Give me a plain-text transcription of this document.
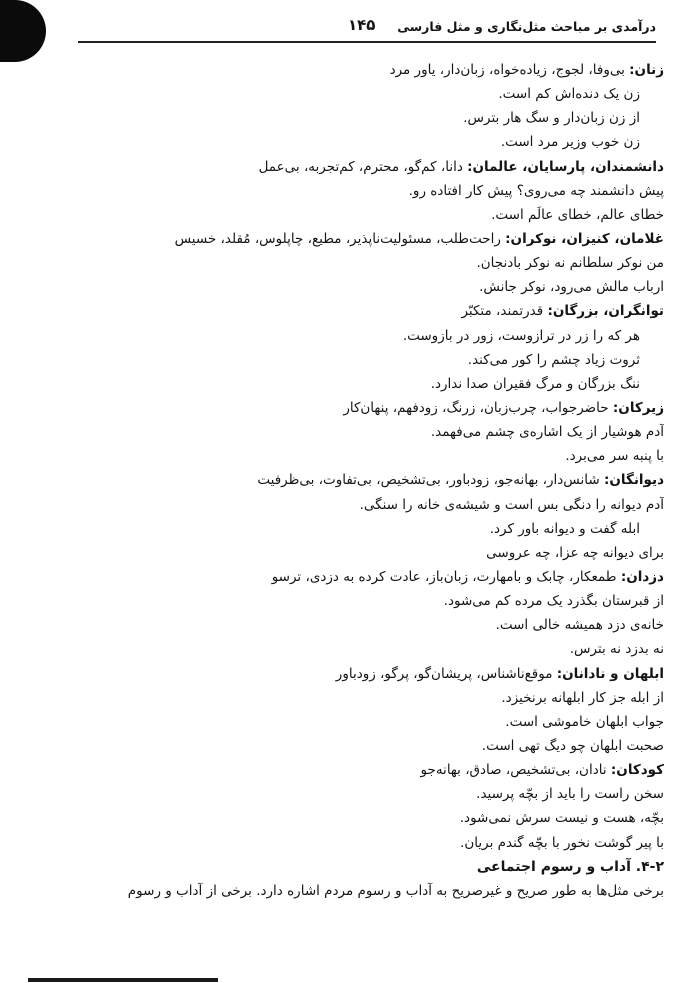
درآمدی بر مباحث مثل‌نگاری و مثل فارسی
۱۴۵
زنان: بی‌وفا، لجوج، زیاده‌خواه، زبان‌دار، یاور مرد
زن یک دنده‌اش کم است.
از زن زبان‌دار و سگ هار بترس.
زن خوب وزیر مرد است.
دانشمندان، پارسایان، عالمان: دانا، کم‌گو، محترم، کم‌تجربه، بی‌عمل
پیش دانشمند چه می‌روی؟ پیش کار افتاده رو.
خطای عالم، خطای عالَم است.
غلامان، کنیزان، نوکران: راحت‌طلب، مسئولیت‌ناپذیر، مطیع، چاپلوس، مُقلد، خسیس
من نوکر سلطانم نه نوکر بادنجان.
ارباب مالش می‌رود، نوکر جانش.
توانگران، بزرگان: قدرتمند، متکبّر
هر که را زر در ترازوست، زور در بازوست.
ثروت زیاد چشم را کور می‌کند.
ننگ بزرگان و مرگ فقیران صدا ندارد.
زیرکان: حاضرجواب، چرب‌زبان، زرنگ، زودفهم، پنهان‌کار
آدم هوشیار از یک اشاره‌ی چشم می‌فهمد.
با پنبه سر می‌برد.
دیوانگان: شانس‌دار، بهانه‌جو، زودباور، بی‌تشخیص، بی‌تفاوت، بی‌ظرفیت
آدم دیوانه را دنگی بس است و شیشه‌ی خانه را سنگی.
ابله گفت و دیوانه باور کرد.
برای دیوانه چه عزا، چه عروسی
دزدان: طمعکار، چابک و بامهارت، زبان‌باز، عادت کرده به دزدی، ترسو
از قبرستان بگذرد یک مرده کم می‌شود.
خانه‌ی دزد همیشه خالی است.
نه بدزد نه بترس.
ابلهان و نادانان: موقع‌ناشناس، پریشان‌گو، پرگو، زودباور
از ابله جز کار ابلهانه برنخیزد.
جواب ابلهان خاموشی است.
صحبت ابلهان چو دیگ تهی است.
کودکان: نادان، بی‌تشخیص، صادق، بهانه‌جو
سخن راست را باید از بچّه پرسید.
بچّه، هست و نیست سرش نمی‌شود.
با پیر گوشت نخور با بچّه گندم بریان.
۴-۲. آداب و رسوم اجتماعی
برخی مثل‌ها به طور صریح و غیرصریح به آداب و رسوم مردم اشاره دارد. برخی از آداب و رسوم
